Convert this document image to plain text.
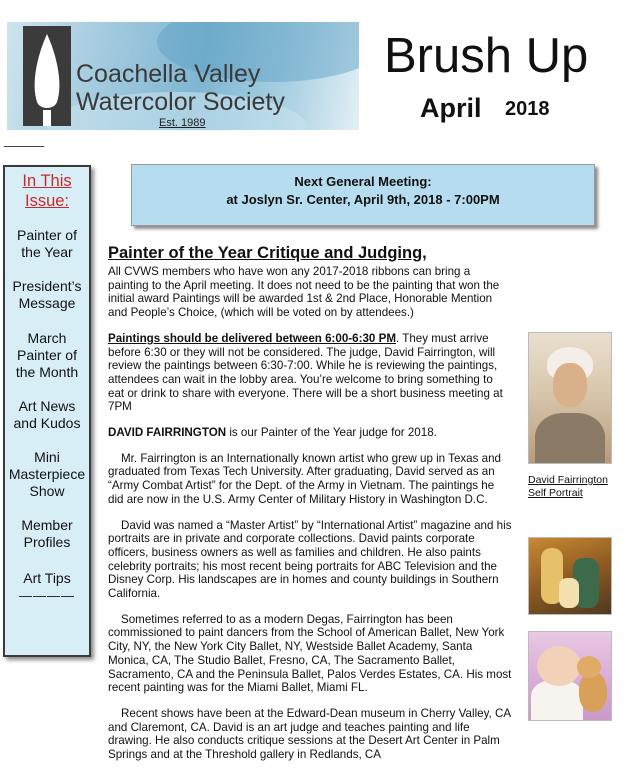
Coachella Valley
Watercolor Society
Est. 1989
Brush Up
April 2018
In This
Issue:
Painter of
the Year
President’s
Message
March
Painter of
the Month
Art News
and Kudos
Mini
Masterpiece
Show
Member
Profiles
Art Tips
————
Next General Meeting:
at Joslyn Sr. Center, April 9th, 2018 - 7:00PM
Painter of the Year Critique and Judging,

All CVWS members who have won any 2017-2018 ribbons can bring a painting to the April meeting. It does not need to be the painting that won the initial award Paintings will be awarded 1st & 2nd Place, Honorable Mention and People’s Choice, (which will be voted on by attendees.)

Paintings should be delivered between 6:00-6:30 PM. They must arrive before 6:30 or they will not be considered. The judge, David Fairrington, will review the paintings between 6:30-7:00. While he is reviewing the paintings, attendees can wait in the lobby area. You’re welcome to bring something to eat or drink to share with everyone. There will be a short business meeting at 7PM

DAVID FAIRRINGTON is our Painter of the Year judge for 2018.

Mr. Fairrington is an Internationally known artist who grew up in Texas and graduated from Texas Tech University. After graduating, David served as an “Army Combat Artist” for the Dept. of the Army in Vietnam. The paintings he did are now in the U.S. Army Center of Military History in Washington D.C.

David was named a “Master Artist” by “International Artist” magazine and his portraits are in private and corporate collections. David paints corporate officers, business owners as well as families and children. He also paints celebrity portraits; his most recent being portraits for ABC Television and the Disney Corp. His landscapes are in homes and county buildings in Southern California.

Sometimes referred to as a modern Degas, Fairrington has been commissioned to paint dancers from the School of American Ballet, New York City, NY, the New York City Ballet, NY, Westside Ballet Academy, Santa Monica, CA, The Studio Ballet, Fresno, CA, The Sacramento Ballet, Sacramento, CA and the Peninsula Ballet, Palos Verdes Estates, CA. His most recent painting was for the Miami Ballet, Miami FL.

Recent shows have been at the Edward-Dean museum in Cherry Valley, CA and Claremont, CA. David is an art judge and teaches painting and life drawing. He also conducts critique sessions at the Desert Art Center in Palm Springs and at the Threshold gallery in Redlands, CA

David Fairrington
Self Portrait
